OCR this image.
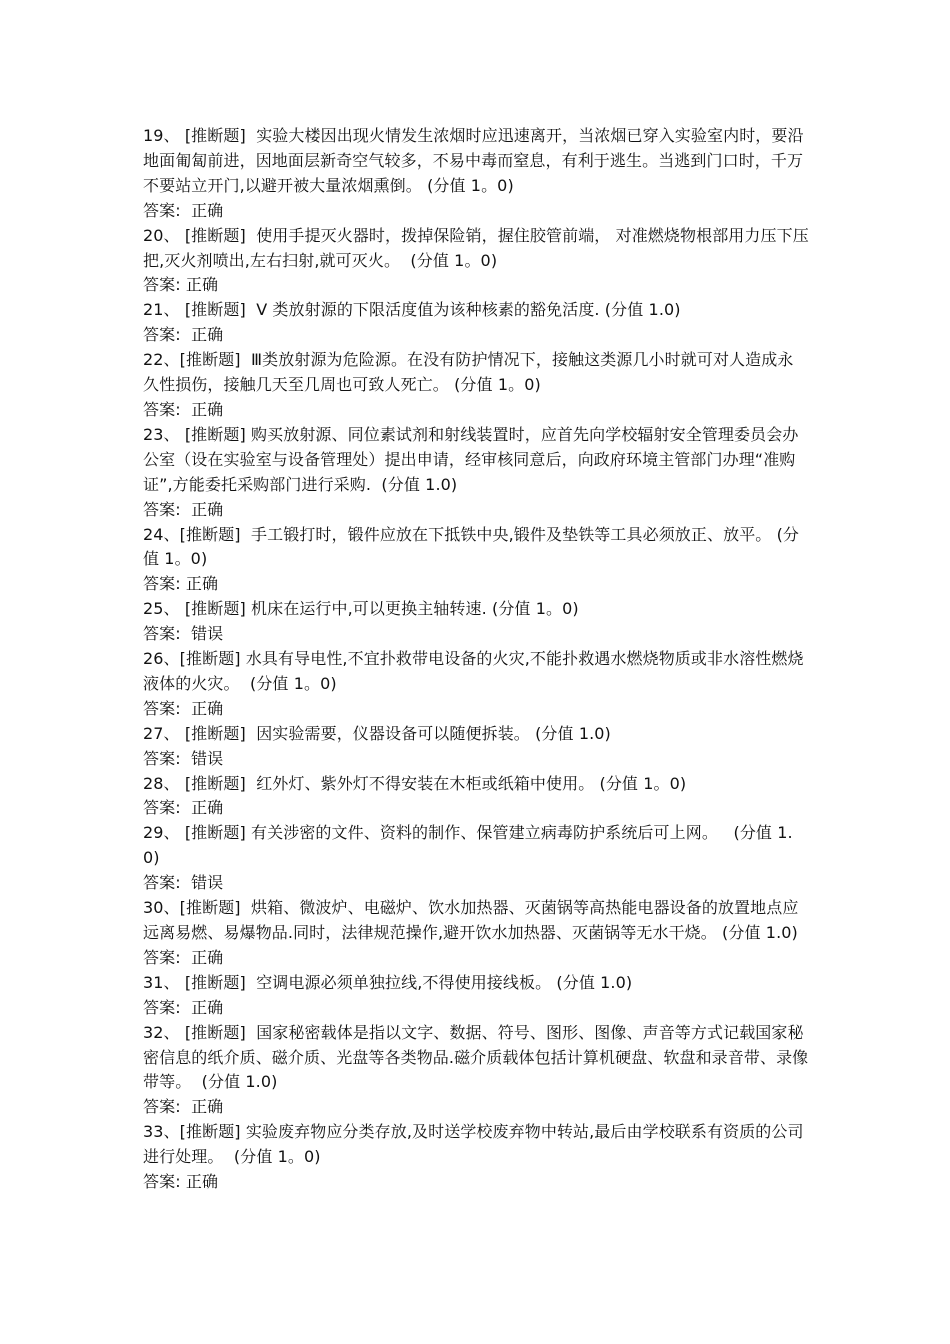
19、 [推断题]  实验大楼因出现火情发生浓烟时应迅速离开，当浓烟已穿入实验室内时，要沿地面匍匐前进，因地面层新奇空气较多，不易中毒而窒息，有利于逃生。当逃到门口时，千万不要站立开门,以避开被大量浓烟熏倒。 (分值 1。0)

答案:  正确

20、 [推断题]  使用手提灭火器时，拨掉保险销，握住胶管前端， 对准燃烧物根部用力压下压把,灭火剂喷出,左右扫射,就可灭火。  (分值 1。0)

答案: 正确

21、 [推断题]  V 类放射源的下限活度值为该种核素的豁免活度. (分值 1.0)

答案:  正确

22、[推断题]  Ⅲ类放射源为危险源。在没有防护情况下，接触这类源几小时就可对人造成永久性损伤，接触几天至几周也可致人死亡。 (分值 1。0)

答案:  正确

23、 [推断题] 购买放射源、同位素试剂和射线装置时，应首先向学校辐射安全管理委员会办公室（设在实验室与设备管理处）提出申请，经审核同意后，向政府环境主管部门办理“准购证”,方能委托采购部门进行采购.  (分值 1.0)

答案:  正确

24、[推断题]  手工锻打时，锻件应放在下抵铁中央,锻件及垫铁等工具必须放正、放平。 (分值 1。0)

答案: 正确

25、 [推断题] 机床在运行中,可以更换主轴转速. (分值 1。0)

答案:  错误

26、[推断题] 水具有导电性,不宜扑救带电设备的火灾,不能扑救遇水燃烧物质或非水溶性燃烧液体的火灾。  (分值 1。0)

答案:  正确

27、 [推断题]  因实验需要，仪器设备可以随便拆装。 (分值 1.0)

答案:  错误

28、 [推断题]  红外灯、紫外灯不得安装在木柜或纸箱中使用。 (分值 1。0)

答案:  正确

29、 [推断题] 有关涉密的文件、资料的制作、保管建立病毒防护系统后可上网。   (分值 1.0)

答案:  错误

30、[推断题]  烘箱、微波炉、电磁炉、饮水加热器、灭菌锅等高热能电器设备的放置地点应远离易燃、易爆物品.同时，法律规范操作,避开饮水加热器、灭菌锅等无水干烧。 (分值 1.0)

答案:  正确

31、 [推断题]  空调电源必须单独拉线,不得使用接线板。 (分值 1.0)

答案:  正确

32、 [推断题]  国家秘密载体是指以文字、数据、符号、图形、图像、声音等方式记载国家秘密信息的纸介质、磁介质、光盘等各类物品.磁介质载体包括计算机硬盘、软盘和录音带、录像带等。  (分值 1.0)

答案:  正确

33、[推断题] 实验废弃物应分类存放,及时送学校废弃物中转站,最后由学校联系有资质的公司进行处理。  (分值 1。0)

答案: 正确
